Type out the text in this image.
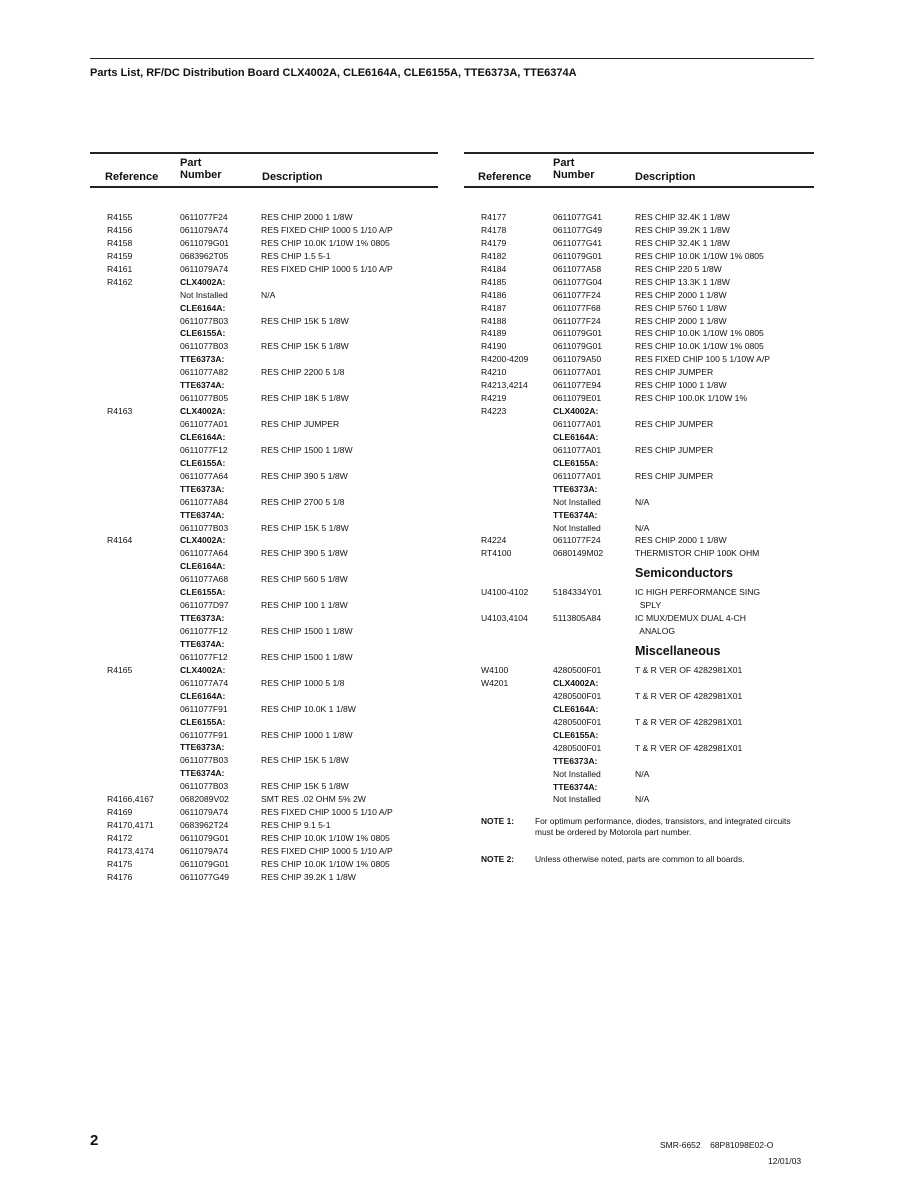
Parts List, RF/DC Distribution Board CLX4002A, CLE6164A, CLE6155A, TTE6373A, TTE6374A
Reference
Part
Number	Description
R4155	0611077F24	RES CHIP 2000 1 1/8W
R4156	0611079A74	RES FIXED CHIP 1000 5 1/10 A/P
R4158	0611079G01	RES CHIP 10.0K 1/10W 1% 0805
R4159	0683962T05	RES CHIP 1.5 5-1
R4161	0611079A74	RES FIXED CHIP 1000 5 1/10 A/P
R4162	CLX4002A:
Not Installed	N/A
CLE6164A:
0611077B03	RES CHIP 15K 5 1/8W
CLE6155A:
0611077B03	RES CHIP 15K 5 1/8W
TTE6373A:
0611077A82	RES CHIP 2200 5 1/8
TTE6374A:
0611077B05	RES CHIP 18K 5 1/8W
R4163	CLX4002A:
0611077A01	RES CHIP JUMPER
CLE6164A:
0611077F12	RES CHIP 1500 1 1/8W
CLE6155A:
0611077A64	RES CHIP 390 5 1/8W
TTE6373A:
0611077A84	RES CHIP 2700 5 1/8
TTE6374A:
0611077B03	RES CHIP 15K 5 1/8W
R4164	CLX4002A:
0611077A64	RES CHIP 390 5 1/8W
CLE6164A:
0611077A68	RES CHIP 560 5 1/8W
CLE6155A:
0611077D97	RES CHIP 100 1 1/8W
TTE6373A:
0611077F12	RES CHIP 1500 1 1/8W
TTE6374A:
0611077F12	RES CHIP 1500 1 1/8W
R4165	CLX4002A:
0611077A74	RES CHIP 1000 5 1/8
CLE6164A:
0611077F91	RES CHIP 10.0K 1 1/8W
CLE6155A:
0611077F91	RES CHIP 1000 1 1/8W
TTE6373A:
0611077B03	RES CHIP 15K 5 1/8W
TTE6374A:
0611077B03	RES CHIP 15K 5 1/8W
R4166,4167	0682089V02	SMT RES .02 OHM 5% 2W
R4169	0611079A74	RES FIXED CHIP 1000 5 1/10 A/P
R4170,4171	0683962T24	RES CHIP 9.1 5-1
R4172	0611079G01	RES CHIP 10.0K 1/10W 1% 0805
R4173,4174	0611079A74	RES FIXED CHIP 1000 5 1/10 A/P
R4175	0611079G01	RES CHIP 10.0K 1/10W 1% 0805
R4176	0611077G49	RES CHIP 39.2K 1 1/8W
Reference
Part
Number	Description
R4177	0611077G41	RES CHIP 32.4K 1 1/8W
R4178	0611077G49	RES CHIP 39.2K 1 1/8W
R4179	0611077G41	RES CHIP 32.4K 1 1/8W
R4182	0611079G01	RES CHIP 10.0K 1/10W 1% 0805
R4184	0611077A58	RES CHIP 220 5 1/8W
R4185	0611077G04	RES CHIP 13.3K 1 1/8W
R4186	0611077F24	RES CHIP 2000 1 1/8W
R4187	0611077F68	RES CHIP 5760 1 1/8W
R4188	0611077F24	RES CHIP 2000 1 1/8W
R4189	0611079G01	RES CHIP 10.0K 1/10W 1% 0805
R4190	0611079G01	RES CHIP 10.0K 1/10W 1% 0805
R4200-4209	0611079A50	RES FIXED CHIP 100 5 1/10W A/P
R4210	0611077A01	RES CHIP JUMPER
R4213,4214	0611077E94	RES CHIP 1000 1 1/8W
R4219	0611079E01	RES CHIP 100.0K 1/10W 1%
R4223	CLX4002A:
0611077A01	RES CHIP JUMPER
CLE6164A:
0611077A01	RES CHIP JUMPER
CLE6155A:
0611077A01	RES CHIP JUMPER
TTE6373A:
Not Installed	N/A
TTE6374A:
Not Installed	N/A
R4224	0611077F24	RES CHIP 2000 1 1/8W
RT4100	0680149M02	THERMISTOR CHIP 100K OHM
Semiconductors
U4100-4102	5184334Y01	IC HIGH PERFORMANCE SING
SPLY
U4103,4104	5113805A84	IC MUX/DEMUX DUAL 4-CH
ANALOG
Miscellaneous
W4100	4280500F01	T & R VER OF 4282981X01
W4201	CLX4002A:
4280500F01	T & R VER OF 4282981X01
CLE6164A:
4280500F01	T & R VER OF 4282981X01
CLE6155A:
4280500F01	T & R VER OF 4282981X01
TTE6373A:
Not Installed	N/A
TTE6374A:
Not Installed	N/A
NOTE 1: For optimum performance, diodes, transistors, and integrated circuits must be ordered by Motorola part number.
NOTE 2: Unless otherwise noted, parts are common to all boards.
2	SMR-6652    68P81098E02-O
12/01/03
